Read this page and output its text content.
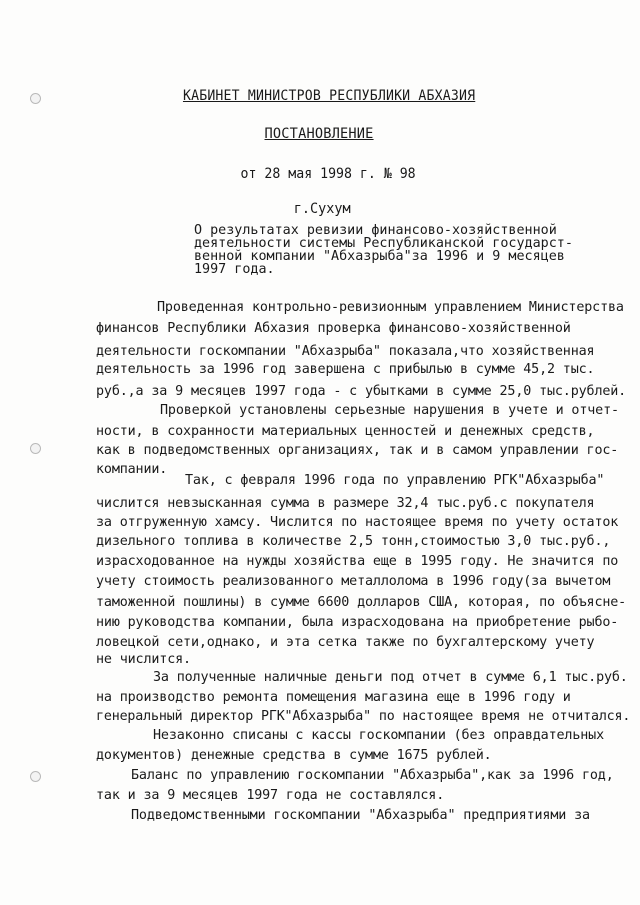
КАБИНЕТ МИНИСТРОВ РЕСПУБЛИКИ АБХАЗИЯ
ПОСТАНОВЛЕНИЕ
от 28 мая 1998 г. № 98
г.Сухум
О результатах ревизии финансово-хозяйственной
деятельности системы Республиканской государст-
венной компании "Абхазрыба"за 1996 и 9 месяцев
1997 года.
Проведенная контрольно-ревизионным управлением Министерства
финансов Республики Абхазия проверка финансово-хозяйственной
деятельности госкомпании "Абхазрыба" показала,что хозяйственная
деятельность за 1996 год завершена с прибылью в сумме 45,2 тыс.
руб.,а за 9 месяцев 1997 года - с убытками в сумме 25,0 тыс.рублей.
Проверкой установлены серьезные нарушения в учете и отчет-
ности, в сохранности материальных ценностей и денежных средств,
как в подведомственных организациях, так и в самом управлении гос-
компании.
Так, с февраля 1996 года по управлению РГК"Абхазрыба"
числится невзысканная сумма в размере 32,4 тыс.руб.с покупателя
за отгруженную хамсу. Числится по настоящее время по учету остаток
дизельного топлива в количестве 2,5 тонн,стоимостью 3,0 тыс.руб.,
израсходованное на нужды хозяйства еще в 1995 году. Не значится по
учету стоимость реализованного металлолома в 1996 году(за вычетом
таможенной пошлины) в сумме 6600 долларов США, которая, по объясне-
нию руководства компании, была израсходована на приобретение рыбо-
ловецкой сети,однако, и эта сетка также по бухгалтерскому учету
не числится.
За полученные наличные деньги под отчет в сумме 6,1 тыс.руб.
на производство ремонта помещения магазина еще в 1996 году и
генеральный директор РГК"Абхазрыба" по настоящее время не отчитался.
Незаконно списаны с кассы госкомпании (без оправдательных
документов) денежные средства в сумме 1675 рублей.
Баланс по управлению госкомпании "Абхазрыба",как за 1996 год,
так и за 9 месяцев 1997 года не составлялся.
Подведомственными госкомпании "Абхазрыба" предприятиями за
